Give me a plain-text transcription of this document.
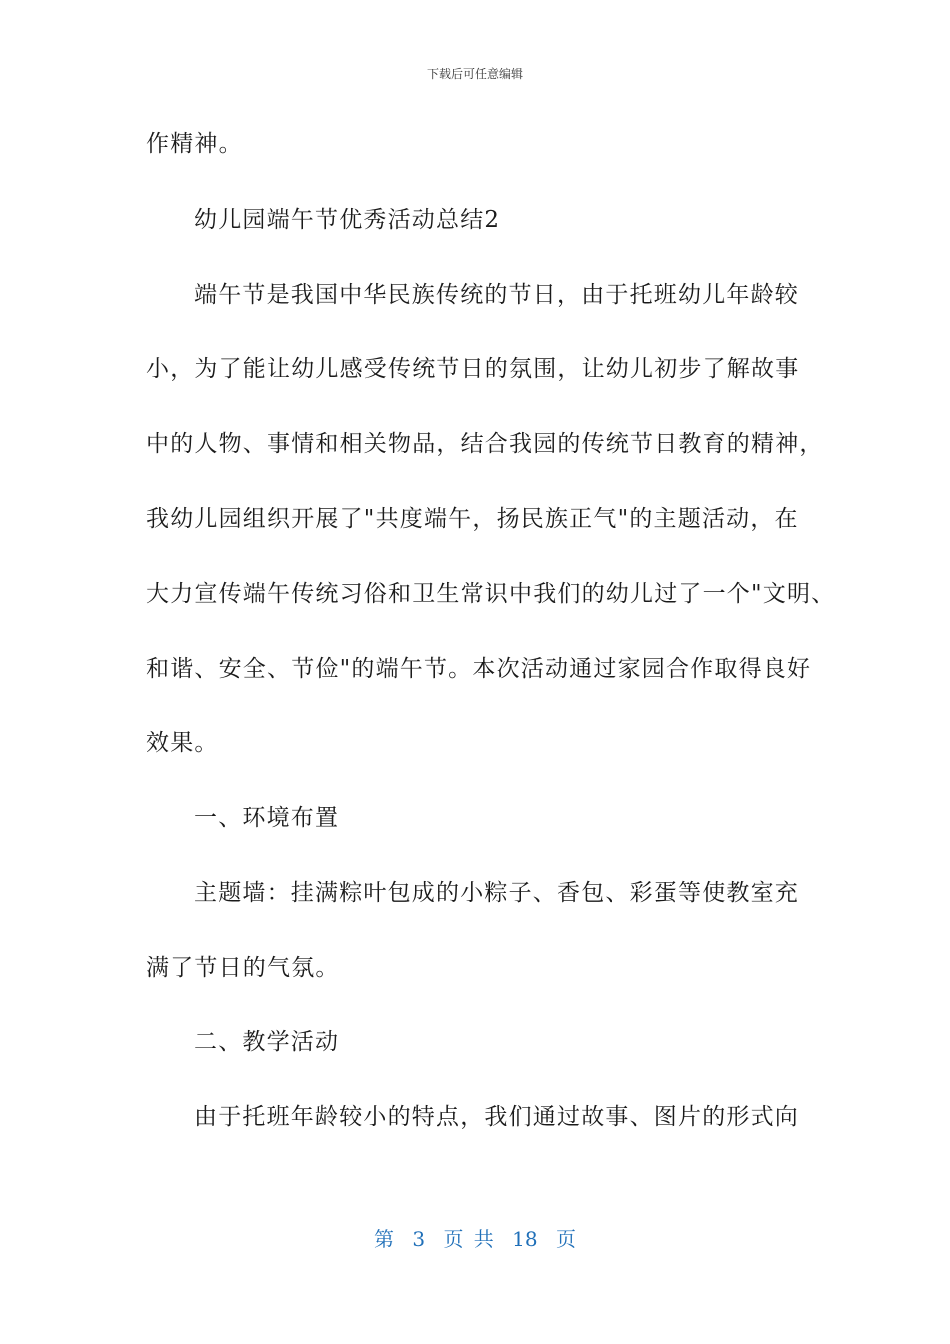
下载后可任意编辑
作精神。
幼儿园端午节优秀活动总结2
端午节是我国中华民族传统的节日，由于托班幼儿年龄较
小，为了能让幼儿感受传统节日的氛围，让幼儿初步了解故事
中的人物、事情和相关物品，结合我园的传统节日教育的精神，
我幼儿园组织开展了"共度端午，扬民族正气"的主题活动，在
大力宣传端午传统习俗和卫生常识中我们的幼儿过了一个"文明、
和谐、安全、节俭"的端午节。本次活动通过家园合作取得良好
效果。
一、环境布置
主题墙：挂满粽叶包成的小粽子、香包、彩蛋等使教室充
满了节日的气氛。
二、教学活动
由于托班年龄较小的特点，我们通过故事、图片的形式向
第 3 页 共 18 页
